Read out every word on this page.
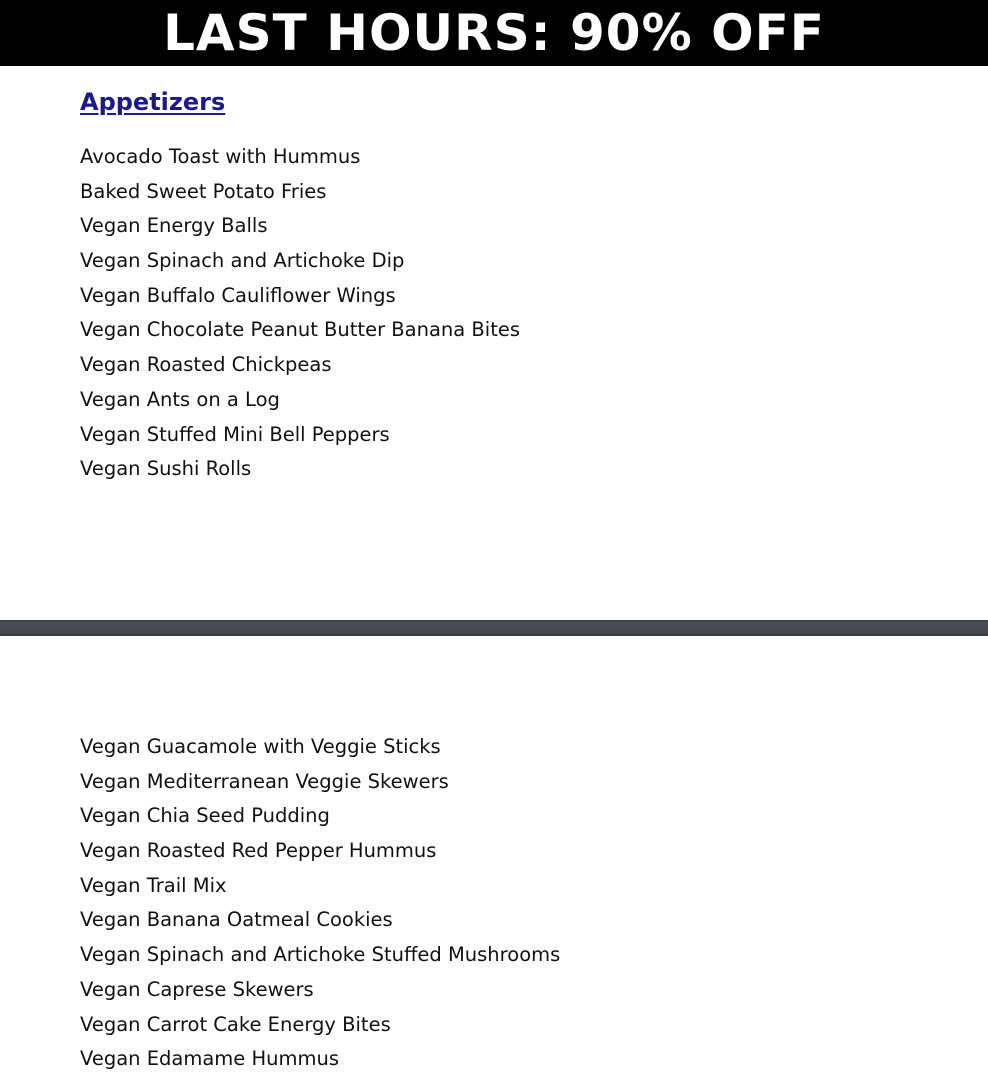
LAST HOURS: 90% OFF
Appetizers
Avocado Toast with Hummus
Baked Sweet Potato Fries
Vegan Energy Balls
Vegan Spinach and Artichoke Dip
Vegan Buffalo Cauliflower Wings
Vegan Chocolate Peanut Butter Banana Bites
Vegan Roasted Chickpeas
Vegan Ants on a Log
Vegan Stuffed Mini Bell Peppers
Vegan Sushi Rolls
Vegan Guacamole with Veggie Sticks
Vegan Mediterranean Veggie Skewers
Vegan Chia Seed Pudding
Vegan Roasted Red Pepper Hummus
Vegan Trail Mix
Vegan Banana Oatmeal Cookies
Vegan Spinach and Artichoke Stuffed Mushrooms
Vegan Caprese Skewers
Vegan Carrot Cake Energy Bites
Vegan Edamame Hummus
